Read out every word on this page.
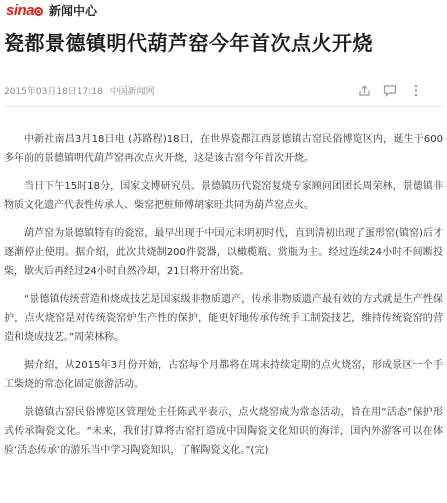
sina 新闻中心
瓷都景德镇明代葫芦窑今年首次点火开烧
2015年03月18日17:18 中国新闻网

中新社南昌3月18日电 (苏路程)18日，在世界瓷都江西景德镇古窑民俗博览区内，诞生于600多年前的景德镇明代葫芦窑再次点火开烧，这是该古窑今年首次开烧。

当日下午15时18分，国家文博研究员、景德镇历代瓷窑复烧专家顾问团团长周荣林，景德镇非物质文化遗产代表性传承人、柴窑把桩师傅胡家旺共同为葫芦窑点火。

葫芦窑为景德镇特有的瓷窑，最早出现于中国元末明初时代，直到清初出现了蛋形窑(镇窑)后才逐渐停止使用。据介绍，此次共烧制200件瓷器，以橄榄瓶、赏瓶为主。经过连续24小时不间断投柴，歇火后再经过24小时自然冷却，21日将开窑出瓷。

“景德镇传统营造和烧成技艺是国家级非物质遗产，传承非物质遗产最有效的方式就是生产性保护，点火烧窑是对传统瓷窑炉生产性的保护，能更好地传承传统手工制瓷技艺，维持传统瓷窑的营造和烧成技艺。”周荣林称。

据介绍，从2015年3月份开始，古窑每个月都将在周末持续定期的点火烧窑，形成景区一个手工柴烧的常态化固定旅游活动。

景德镇古窑民俗博览区管理处主任陈武平表示，点火烧窑成为常态活动，旨在用“活态”保护形式传承陶瓷文化。“未来，我们打算将古窑打造成中国陶瓷文化知识的海洋，国内外游客可以在体验‘活态传承’的游乐当中学习陶瓷知识，了解陶瓷文化。”(完)
